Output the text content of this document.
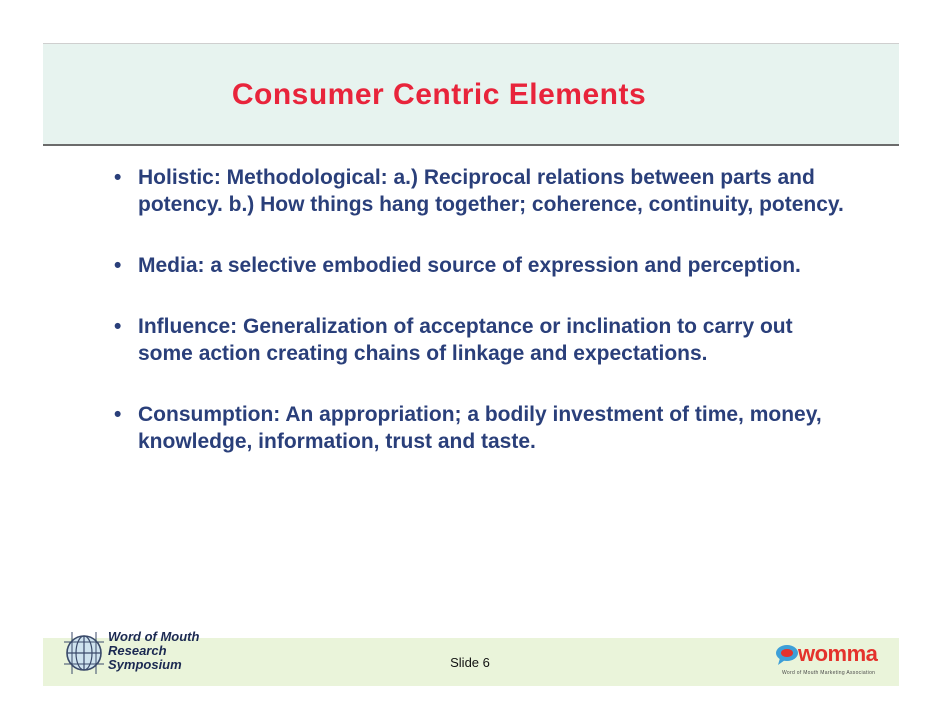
Consumer Centric Elements
• Holistic: Methodological: a.) Reciprocal relations between parts and potency. b.) How things hang together; coherence, continuity, potency.
• Media: a selective embodied source of expression and perception.
• Influence: Generalization of acceptance or inclination to carry out some action creating chains of linkage and expectations.
• Consumption: An appropriation; a bodily investment of time, money, knowledge, information, trust and taste.
Word of Mouth
Research
Symposium	Slide 6	womma
Word of Mouth Marketing Association
